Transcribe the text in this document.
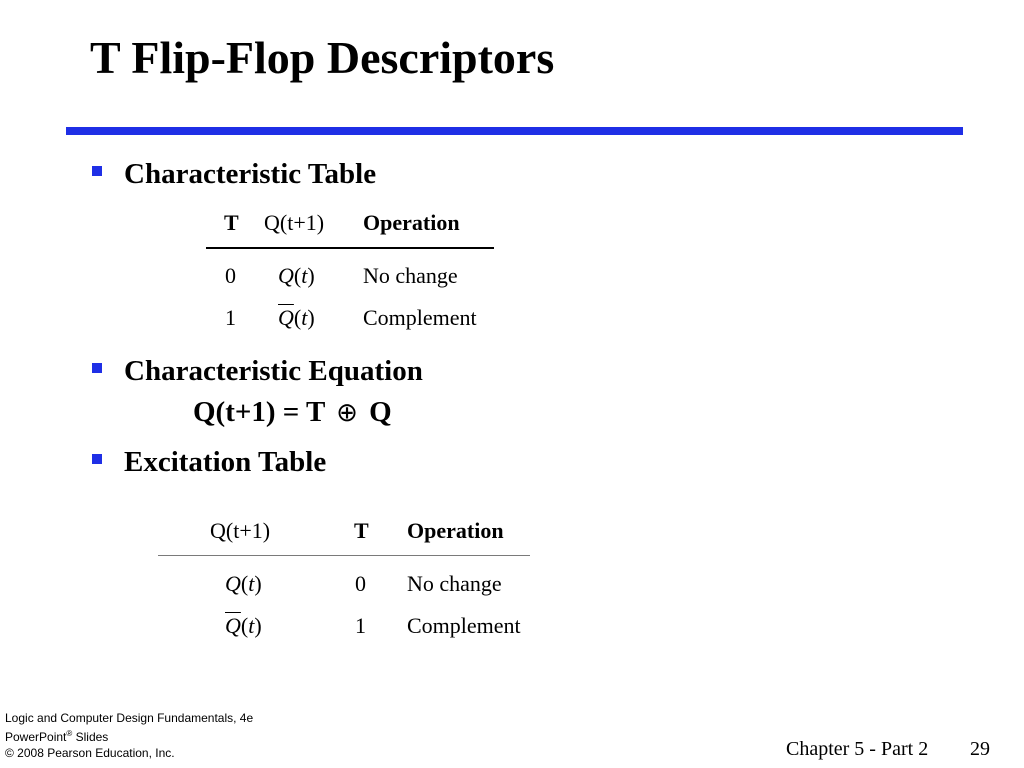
T Flip-Flop Descriptors
Characteristic Table
T Q(t+1) Operation
0 Q(t) No change
1 $\overline{Q}(t)$ Complement
Characteristic Equation
Q(t+1) = T ⊕ Q
Excitation Table
Q(t+1)	T Operation
Q(t)	0 No change
$\overline{Q}(t)$	1 Complement
Logic and Computer Design Fundamentals, 4e
PowerPoint® Slides
© 2008 Pearson Education, Inc.	Chapter 5 - Part 2 29
